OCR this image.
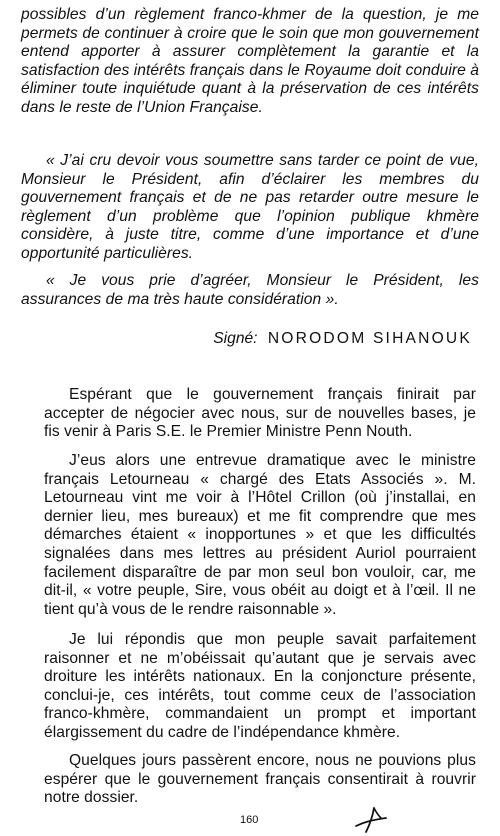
possibles d’un règlement franco-khmer de la question, je me permets de continuer à croire que le soin que mon gouvernement entend apporter à assurer complètement la garantie et la satisfaction des intérêts français dans le Royaume doit conduire à éliminer toute inquiétude quant à la préservation de ces intérêts dans le reste de l’Union Française.

« J’ai cru devoir vous soumettre sans tarder ce point de vue, Monsieur le Président, afin d’éclairer les membres du gouvernement français et de ne pas retarder outre mesure le règlement d’un problème que l’opinion publique khmère considère, à juste titre, comme d’une importance et d’une opportunité particulières.

« Je vous prie d’agréer, Monsieur le Président, les assurances de ma très haute considération ».

Signé: NORODOM SIHANOUK

Espérant que le gouvernement français finirait par accepter de négocier avec nous, sur de nouvelles bases, je fis venir à Paris S.E. le Premier Ministre Penn Nouth.

J’eus alors une entrevue dramatique avec le ministre français Letourneau « chargé des Etats Associés ». M. Letourneau vint me voir à l’Hôtel Crillon (où j’installai, en dernier lieu, mes bureaux) et me fit comprendre que mes démarches étaient « inopportunes » et que les difficultés signalées dans mes lettres au président Auriol pourraient facilement disparaître de par mon seul bon vouloir, car, me dit-il, « votre peuple, Sire, vous obéit au doigt et à l’œil. Il ne tient qu’à vous de le rendre raisonnable ».

Je lui répondis que mon peuple savait parfaitement raisonner et ne m’obéissait qu’autant que je servais avec droiture les intérêts nationaux. En la conjoncture présente, conclui-je, ces intérêts, tout comme ceux de l’association franco-khmère, commandaient un prompt et important élargissement du cadre de l’indépendance khmère.

Quelques jours passèrent encore, nous ne pouvions plus espérer que le gouvernement français consentirait à rouvrir notre dossier.

160
